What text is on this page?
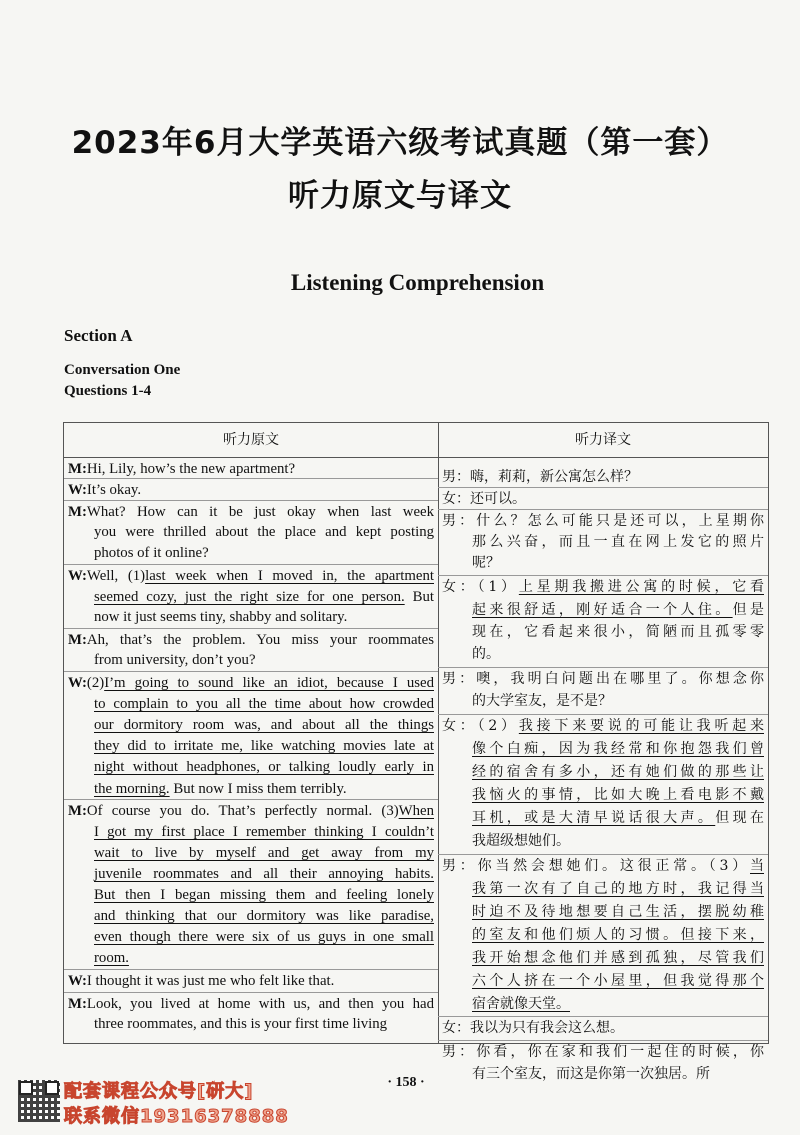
2023年6月大学英语六级考试真题（第一套）
听力原文与译文
Listening Comprehension
Section A
Conversation One
Questions 1-4
听力原文	听力译文
M:Hi, Lily, how’s the new apartment?
W:It’s okay.
M:What? How can it be just okay when last week
you were thrilled about the place and kept posting
photos of it online?
W:Well, (1)last week when I moved in, the apartment
seemed cozy, just the right size for one person. But
now it just seems tiny, shabby and solitary.
M:Ah, that’s the problem. You miss your roommates
from university, don’t you?
W:(2)I’m going to sound like an idiot, because I used
to complain to you all the time about how crowded
our dormitory room was, and about all the things
they did to irritate me, like watching movies late at
night without headphones, or talking loudly early in
the morning. But now I miss them terribly.
M:Of course you do. That’s perfectly normal. (3)When
I got my first place I remember thinking I couldn’t
wait to live by myself and get away from my
juvenile roommates and all their annoying habits.
But then I began missing them and feeling lonely
and thinking that our dormitory was like paradise,
even though there were six of us guys in one small
room.
W:I thought it was just me who felt like that.
M:Look, you lived at home with us, and then you had
three roommates, and this is your first time living
男：嗨，莉莉，新公寓怎么样？
女：还可以。
男：什么？怎么可能只是还可以，上星期你
那么兴奋，而且一直在网上发它的照片
呢？
女：（1）上星期我搬进公寓的时候，它看
起来很舒适，刚好适合一个人住。但是
现在，它看起来很小，简陋而且孤零零
的。
男：噢，我明白问题出在哪里了。你想念你
的大学室友，是不是？
女：（2）我接下来要说的可能让我听起来
像个白痴，因为我经常和你抱怨我们曾
经的宿舍有多小，还有她们做的那些让
我恼火的事情，比如大晚上看电影不戴
耳机，或是大清早说话很大声。但现在
我超级想她们。
男：你当然会想她们。这很正常。（3）当
我第一次有了自己的地方时，我记得当
时迫不及待地想要自己生活，摆脱幼稚
的室友和他们烦人的习惯。但接下来，
我开始想念他们并感到孤独，尽管我们
六个人挤在一个小屋里，但我觉得那个
宿舍就像天堂。
女：我以为只有我会这么想。
男：你看，你在家和我们一起住的时候，你
有三个室友，而这是你第一次独居。所
· 158 ·
配套课程公众号[研大]
联系微信19316378888
